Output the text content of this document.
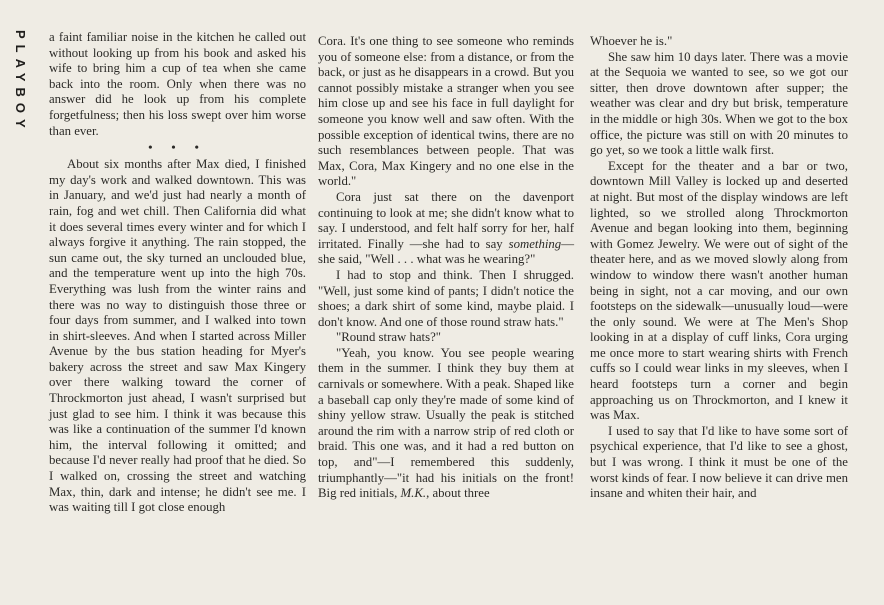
PLAYBOY a faint familiar noise in the kitchen he called out without looking up from his book and asked his wife to bring him a cup of tea when she came back into the room. Only when there was no answer did he look up from his complete forgetfulness; then his loss swept over him worse than ever.

• • •

About six months after Max died, I finished my day's work and walked downtown. This was in January, and we'd just had nearly a month of rain, fog and wet chill. Then California did what it does several times every winter and for which I always forgive it anything. The rain stopped, the sun came out, the sky turned an unclouded blue, and the temperature went up into the high 70s. Everything was lush from the winter rains and there was no way to distinguish those three or four days from summer, and I walked into town in shirt-sleeves. And when I started across Miller Avenue by the bus station heading for Myer's bakery across the street and saw Max Kingery over there walking toward the corner of Throckmorton just ahead, I wasn't surprised but just glad to see him. I think it was because this was like a continuation of the summer I'd known him, the interval following it omitted; and because I'd never really had proof that he died. So I walked on, crossing the street and watching Max, thin, dark and intense; he didn't see me. I was waiting till I got close enough

Cora. It's one thing to see someone who reminds you of someone else: from a distance, or from the back, or just as he disappears in a crowd. But you cannot possibly mistake a stranger when you see him close up and see his face in full daylight for someone you know well and saw often. With the possible exception of identical twins, there are no such resemblances between people. That was Max, Cora, Max Kingery and no one else in the world."

Cora just sat there on the davenport continuing to look at me; she didn't know what to say. I understood, and felt half sorry for her, half irritated. Finally —she had to say something—she said, "Well . . . what was he wearing?"

I had to stop and think. Then I shrugged. "Well, just some kind of pants; I didn't notice the shoes; a dark shirt of some kind, maybe plaid. I don't know. And one of those round straw hats."

"Round straw hats?"

"Yeah, you know. You see people wearing them in the summer. I think they buy them at carnivals or somewhere. With a peak. Shaped like a baseball cap only they're made of some kind of shiny yellow straw. Usually the peak is stitched around the rim with a narrow strip of red cloth or braid. This one was, and it had a red button on top, and"—I remembered this suddenly, triumphantly—"it had his initials on the front! Big red initials, M.K., about three

Whoever he is."

She saw him 10 days later. There was a movie at the Sequoia we wanted to see, so we got our sitter, then drove downtown after supper; the weather was clear and dry but brisk, temperature in the middle or high 30s. When we got to the box office, the picture was still on with 20 minutes to go yet, so we took a little walk first.

Except for the theater and a bar or two, downtown Mill Valley is locked up and deserted at night. But most of the display windows are left lighted, so we strolled along Throckmorton Avenue and began looking into them, beginning with Gomez Jewelry. We were out of sight of the theater here, and as we moved slowly along from window to window there wasn't another human being in sight, not a car moving, and our own footsteps on the sidewalk—unusually loud—were the only sound. We were at The Men's Shop looking in at a display of cuff links, Cora urging me once more to start wearing shirts with French cuffs so I could wear links in my sleeves, when I heard footsteps turn a corner and begin approaching us on Throckmorton, and I knew it was Max.

I used to say that I'd like to have some sort of psychical experience, that I'd like to see a ghost, but I was wrong. I think it must be one of the worst kinds of fear. I now believe it can drive men insane and whiten their hair, and
